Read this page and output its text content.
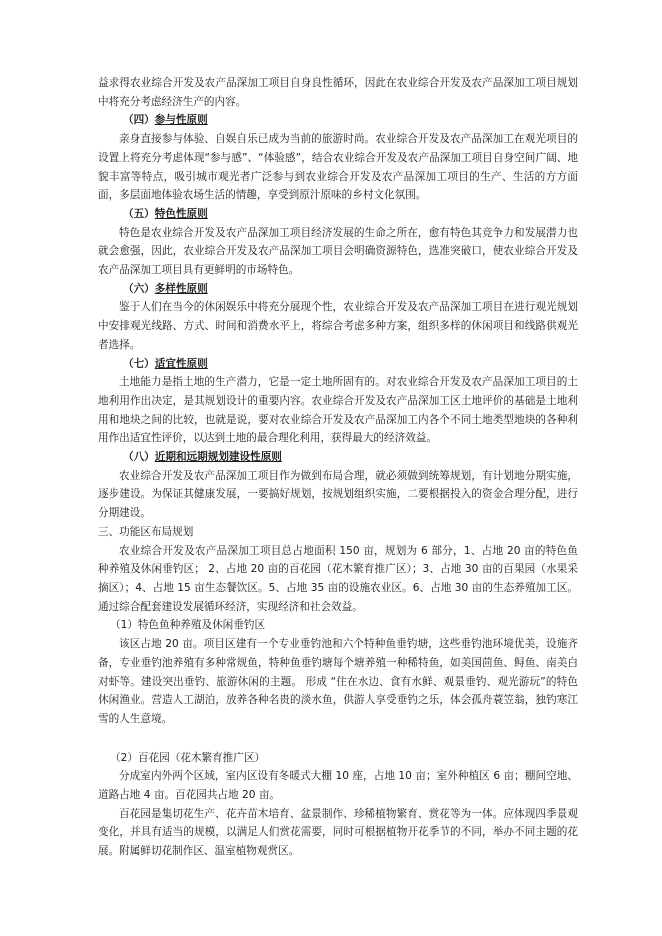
益求得农业综合开发及农产品深加工项目自身良性循环，因此在农业综合开发及农产品深加工项目规划中将充分考虑经济生产的内容。

（四）参与性原则

亲身直接参与体验、自娱自乐已成为当前的旅游时尚。农业综合开发及农产品深加工在观光项目的设置上将充分考虑体现“参与感”、“体验感”，结合农业综合开发及农产品深加工项目自身空间广阔、地貌丰富等特点，吸引城市观光者广泛参与到农业综合开发及农产品深加工项目的生产、生活的方方面面，多层面地体验农场生活的情趣，享受到原汁原味的乡村文化氛围。

（五）特色性原则

特色是农业综合开发及农产品深加工项目经济发展的生命之所在，愈有特色其竞争力和发展潜力也就会愈强，因此，农业综合开发及农产品深加工项目会明确资源特色，选准突破口，使农业综合开发及农产品深加工项目具有更鲜明的市场特色。

（六）多样性原则

鉴于人们在当今的休闲娱乐中将充分展现个性，农业综合开发及农产品深加工项目在进行观光规划中安排观光线路、方式、时间和消费水平上，将综合考虑多种方案，组织多样的休闲项目和线路供观光者选择。

（七）适宜性原则

土地能力是指土地的生产潜力，它是一定土地所固有的。对农业综合开发及农产品深加工项目的土地利用作出决定，是其规划设计的重要内容。农业综合开发及农产品深加工区土地评价的基础是土地利用和地块之间的比较，也就是说，要对农业综合开发及农产品深加工内各个不同土地类型地块的各种利用作出适宜性评价，以达到土地的最合理化利用，获得最大的经济效益。

（八）近期和远期规划建设性原则

农业综合开发及农产品深加工项目作为做到布局合理，就必须做到统筹规划，有计划地分期实施，逐步建设。为保证其健康发展，一要搞好规划，按规划组织实施，二要根据投入的资金合理分配，进行分期建设。

三、功能区布局规划

农业综合开发及农产品深加工项目总占地面积 150 亩，规划为 6 部分，1、占地 20 亩的特色鱼种养殖及休闲垂钓区； 2、占地 20 亩的百花园（花木繁育推广区）；3、占地 30 亩的百果园（水果采摘区）；4、占地 15 亩生态餐饮区。5、占地 35 亩的设施农业区。6、占地 30 亩的生态养殖加工区。通过综合配套建设发展循环经济，实现经济和社会效益。

（1）特色鱼种养殖及休闲垂钓区

该区占地 20 亩。项目区建有一个专业垂钓池和六个特种鱼垂钓塘，这些垂钓池环境优美，设施齐备，专业垂钓池养殖有多种常规鱼，特种鱼垂钓塘每个塘养殖一种稀特鱼，如美国茴鱼、鲟鱼、南美白对虾等。建设突出垂钓、旅游休闲的主题。 形成 “住在水边、食有水鲜、观景垂钓、观光游玩”的特色休闲渔业。营造人工湖泊，放养各种名贵的淡水鱼，供游人享受垂钓之乐，体会孤舟蓑笠翁，独钓寒江雪的人生意境。

（2）百花园（花木繁育推广区）

分成室内外两个区域，室内区设有冬暖式大棚 10 座，占地 10 亩；室外种植区 6 亩；棚间空地、道路占地 4 亩。百花园共占地 20 亩。

百花园是集切花生产、花卉苗木培育、盆景制作、珍稀植物繁育、赏花等为一体。应体现四季景观变化，并具有适当的规模，以满足人们赏花需要，同时可根据植物开花季节的不同，举办不同主题的花展。附属鲜切花制作区、温室植物观赏区。
